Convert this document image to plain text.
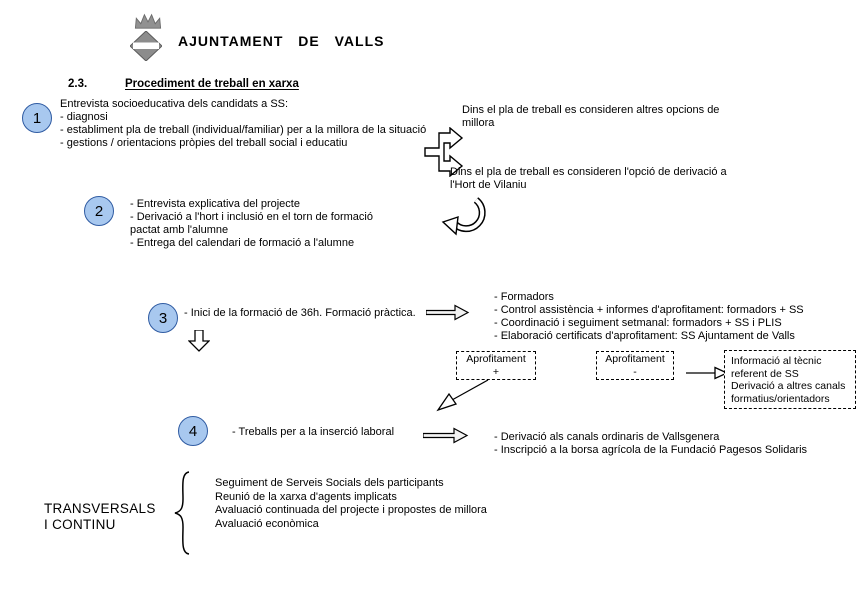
AJUNTAMENT DE VALLS
2.3.	Procediment de treball en xarxa
1
Entrevista socioeducativa dels candidats a SS:
- diagnosi
- establiment pla de treball (individual/familiar) per a la millora de la situació
- gestions / orientacions pròpies del treball social i educatiu
Dins el pla de treball es consideren altres opcions de millora
Dins el pla de treball es consideren l'opció de derivació a l'Hort de Vilaniu
2 - Entrevista explicativa del projecte
- Derivació a l'hort i inclusió en el torn de formació
pactat amb l'alumne
- Entrega del calendari de formació a l'alumne
3 - Inici de la formació de 36h. Formació pràctica.
- Formadors
- Control assistència + informes d'aprofitament: formadors + SS
- Coordinació i seguiment setmanal: formadors + SS i PLIS
- Elaboració certificats d'aprofitament: SS Ajuntament de Valls
Aprofitament
+
Aprofitament
-
Informació al tècnic
referent de SS
Derivació a altres canals
formatius/orientadors
4	- Treballs per a la inserció laboral	- Derivació als canals ordinaris de Vallsgenera
- Inscripció a la borsa agrícola de la Fundació Pagesos Solidaris
TRANSVERSALS
I CONTINU
Seguiment de Serveis Socials dels participants
Reunió de la xarxa d'agents implicats
Avaluació continuada del projecte i propostes de millora
Avaluació econòmica
